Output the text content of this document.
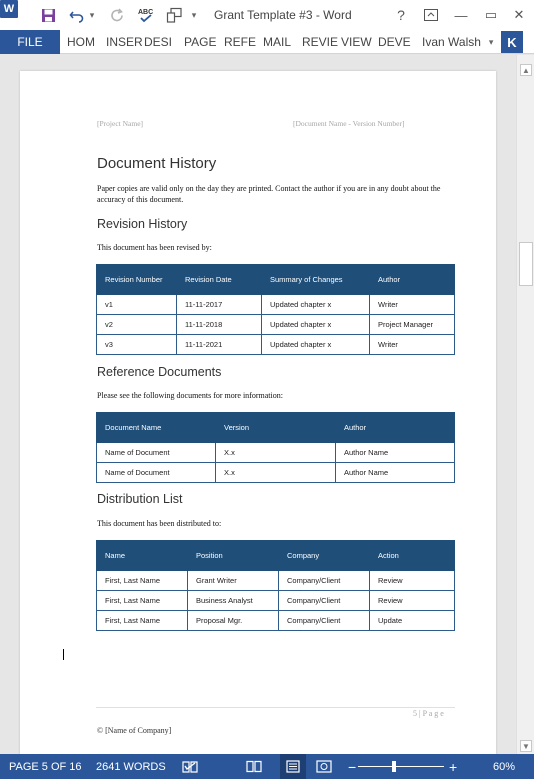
W	▾	ABC	▾	Grant Template #3 - Word	?	—	▭	✕
FILE	HOM INSER DESI PAGE REFE MAIL REVIE VIEW DEVE Ivan Walsh ▾	K
[Project Name]	[Document Name - Version Number]
Document History
Paper copies are valid only on the day they are printed. Contact the author if you are in any doubt about the accuracy of this document.
Revision History
This document has been revised by:
Revision Number	Revision Date	Summary of Changes	Author
v1	11-11-2017	Updated chapter x	Writer
v2	11-11-2018	Updated chapter x	Project Manager
v3	11-11-2021	Updated chapter x	Writer
Reference Documents
Please see the following documents for more information:
Document Name	Version	Author
Name of Document	X.x	Author Name
Name of Document	X.x	Author Name
Distribution List
This document has been distributed to:
Name	Position	Company	Action
First, Last Name	Grant Writer	Company/Client	Review
First, Last Name	Business Analyst	Company/Client	Review
First, Last Name	Proposal Mgr.	Company/Client	Update
5 | P a g e
© [Name of Company]
▲
▼
PAGE 5 OF 16 2641 WORDS	−	+	60%
